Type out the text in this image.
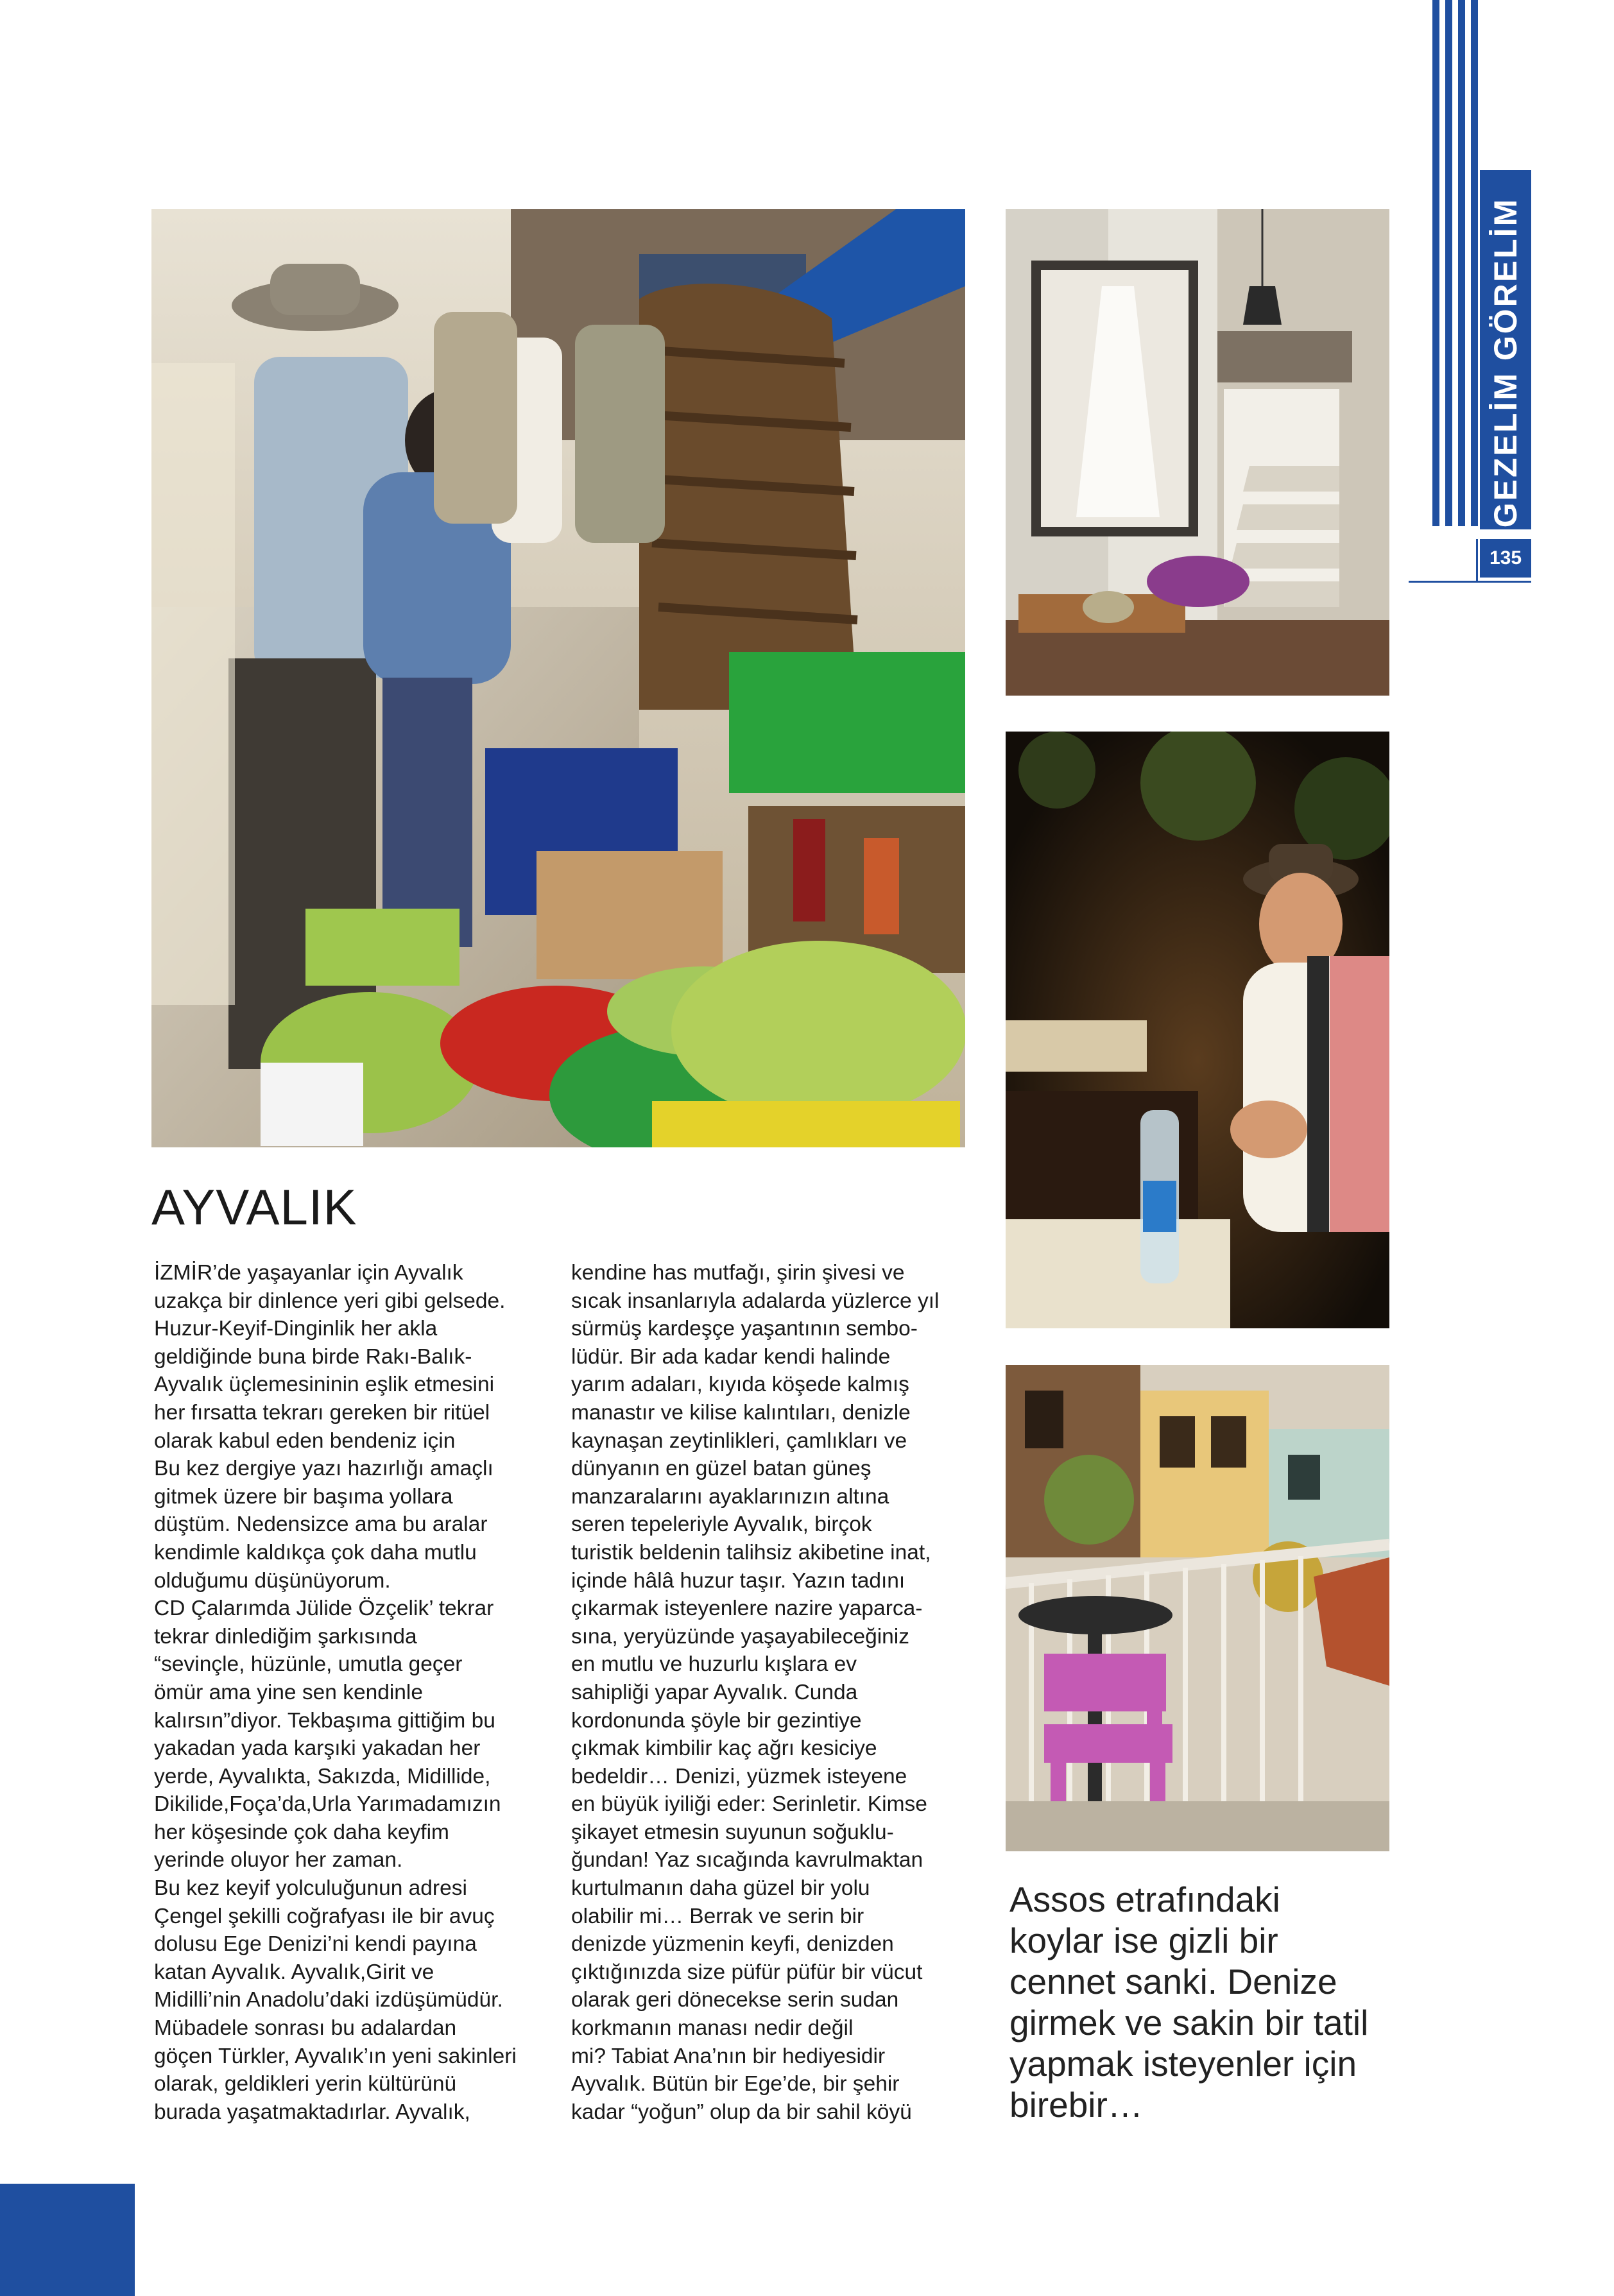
GEZELİM GÖRELİM
135
AYVALIK
İZMİR’de yaşayanlar için Ayvalık
uzakça bir dinlence yeri gibi gelsede.
Huzur-Keyif-Dinginlik her akla
geldiğinde buna birde Rakı-Balık-
Ayvalık üçlemesininin eşlik etmesini
her fırsatta tekrarı gereken bir ritüel
olarak kabul eden bendeniz için
Bu kez dergiye yazı hazırlığı amaçlı
gitmek üzere bir başıma yollara
düştüm. Nedensizce ama bu aralar
kendimle kaldıkça çok daha mutlu
olduğumu düşünüyorum.
CD Çalarımda Jülide Özçelik’ tekrar
tekrar dinlediğim şarkısında
“sevinçle, hüzünle, umutla geçer
ömür ama yine sen kendinle
kalırsın”diyor. Tekbaşıma gittiğim bu
yakadan yada karşıki yakadan her
yerde, Ayvalıkta, Sakızda, Midillide,
Dikilide,Foça’da,Urla Yarımadamızın
her köşesinde çok daha keyfim
yerinde oluyor her zaman.
Bu kez keyif yolculuğunun adresi
Çengel şekilli coğrafyası ile bir avuç
dolusu Ege Denizi’ni kendi payına
katan Ayvalık. Ayvalık,Girit ve
Midilli’nin Anadolu’daki izdüşümüdür.
Mübadele sonrası bu adalardan
göçen Türkler, Ayvalık’ın yeni sakinleri
olarak, geldikleri yerin kültürünü
burada yaşatmaktadırlar. Ayvalık,
kendine has mutfağı, şirin şivesi ve
sıcak insanlarıyla adalarda yüzlerce yıl
sürmüş kardeşçe yaşantının sembo-
lüdür. Bir ada kadar kendi halinde
yarım adaları, kıyıda köşede kalmış
manastır ve kilise kalıntıları, denizle
kaynaşan zeytinlikleri, çamlıkları ve
dünyanın en güzel batan güneş
manzaralarını ayaklarınızın altına
seren tepeleriyle Ayvalık, birçok
turistik beldenin talihsiz akibetine inat,
içinde hâlâ huzur taşır. Yazın tadını
çıkarmak isteyenlere nazire yaparca-
sına, yeryüzünde yaşayabileceğiniz
en mutlu ve huzurlu kışlara ev
sahipliği yapar Ayvalık. Cunda
kordonunda şöyle bir gezintiye
çıkmak kimbilir kaç ağrı kesiciye
bedeldir… Denizi, yüzmek isteyene
en büyük iyiliği eder: Serinletir. Kimse
şikayet etmesin suyunun soğuklu-
ğundan! Yaz sıcağında kavrulmaktan
kurtulmanın daha güzel bir yolu
olabilir mi… Berrak ve serin bir
denizde yüzmenin keyfi, denizden
çıktığınızda size püfür püfür bir vücut
olarak geri dönecekse serin sudan
korkmanın manası nedir değil
mi? Tabiat Ana’nın bir hediyesidir
Ayvalık. Bütün bir Ege’de, bir şehir
kadar “yoğun” olup da bir sahil köyü
Assos etrafındaki
koylar ise gizli bir
cennet sanki. Denize
girmek ve sakin bir tatil
yapmak isteyenler için
birebir…
